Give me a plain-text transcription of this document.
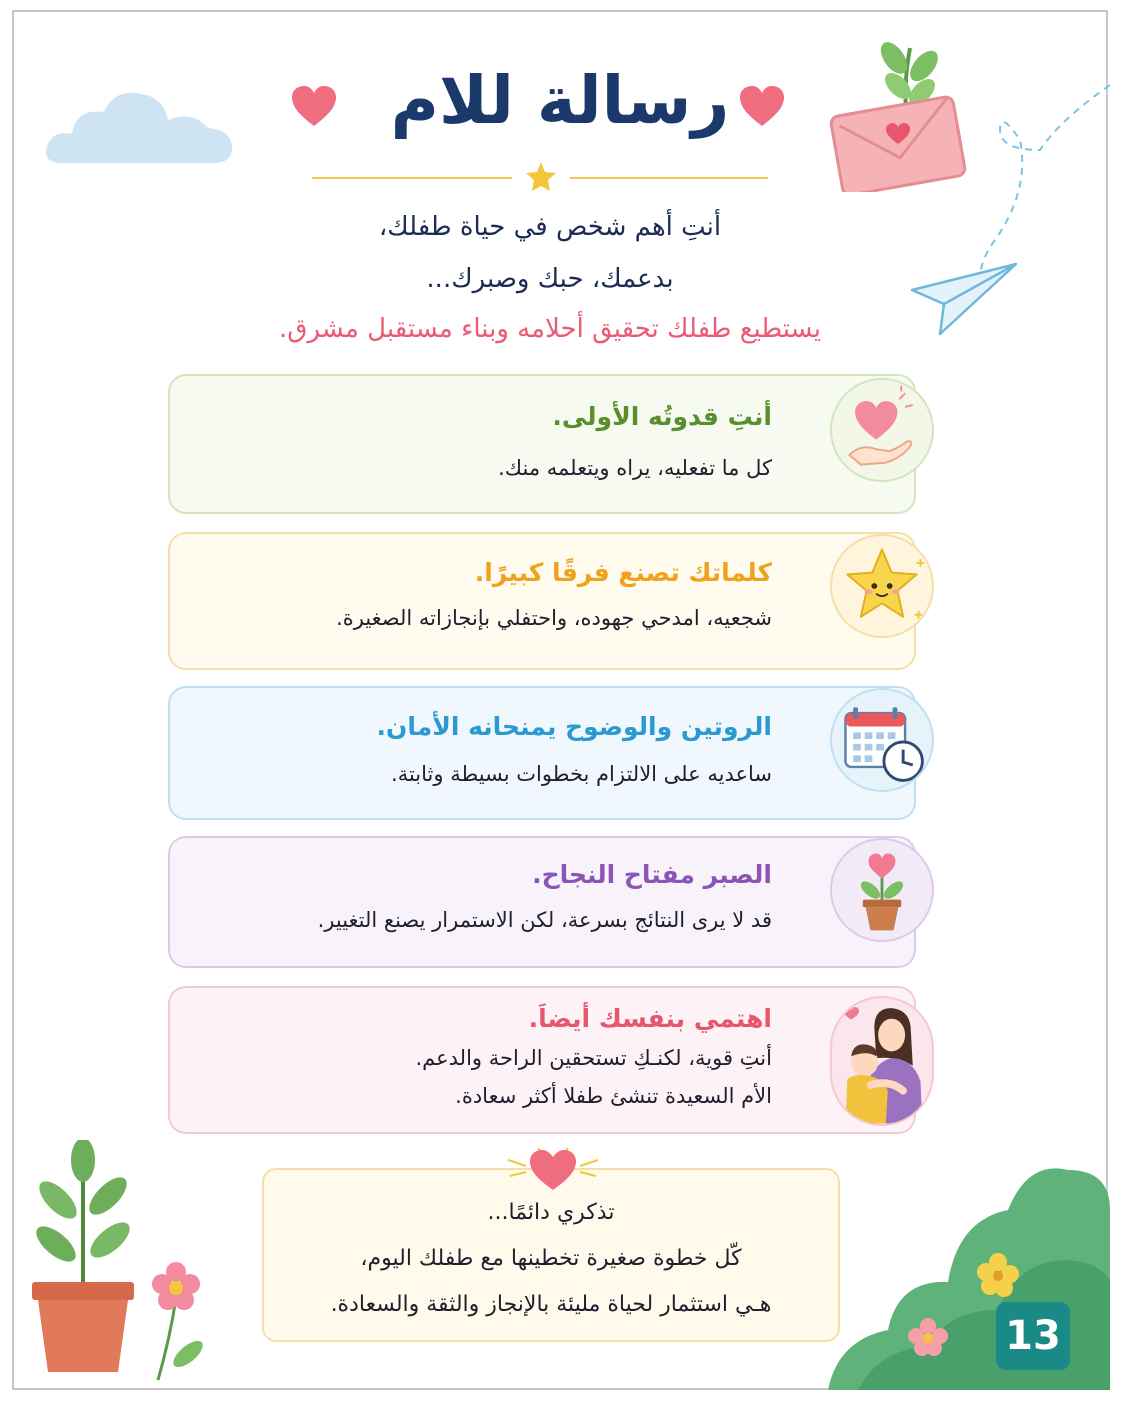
رسالة للام
أنتِ أهم شخص في حياة طفلك،
بدعمك، حبك وصبرك...
يستطيع طفلك تحقيق أحلامه وبناء مستقبل مشرق.
أنتِ قدوتُه الأولى.
كل ما تفعليه، يراه ويتعلمه منك.
كلماتك تصنع فرقًا كبيرًا.
شجعيه، امدحي جهوده، واحتفلي بإنجازاته الصغيرة.
الروتين والوضوح يمنحانه الأمان.
ساعديه على الالتزام بخطوات بسيطة وثابتة.
الصبر مفتاح النجاح.
قد لا يرى النتائج بسرعة، لكن الاستمرار يصنع التغيير.
اهتمي بنفسك أيضاَ.
أنتِ قوية، لكنـكِ تستحقين الراحة والدعم.
الأم السعيدة تنشئ طفلا أكثر سعادة.
تذكري دائمًا...
كّل خطوة صغيرة تخطينها مع طفلك اليوم،
هـي استثمار لحياة مليئة بالإنجاز والثقة والسعادة.
13
